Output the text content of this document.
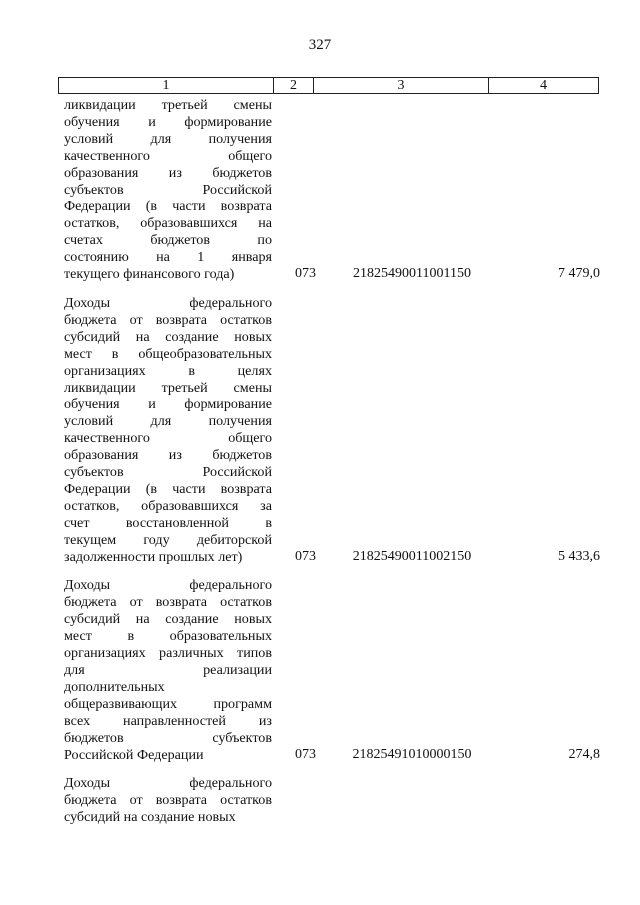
327
1	2	3	4
ликвидации третьей смены
обучения и формирование
условий для получения
качественного общего
образования из бюджетов
субъектов Российской
Федерации (в части возврата
остатков, образовавшихся на
счетах бюджетов по
состоянию на 1 января
текущего финансового года)	073	21825490011001150	7 479,0
Доходы федерального
бюджета от возврата остатков
субсидий на создание новых
мест в общеобразовательных
организациях в целях
ликвидации третьей смены
обучения и формирование
условий для получения
качественного общего
образования из бюджетов
субъектов Российской
Федерации (в части возврата
остатков, образовавшихся за
счет восстановленной в
текущем году дебиторской
задолженности прошлых лет)	073	21825490011002150	5 433,6
Доходы федерального
бюджета от возврата остатков
субсидий на создание новых
мест в образовательных
организациях различных типов
для реализации
дополнительных
общеразвивающих программ
всех направленностей из
бюджетов субъектов
Российской Федерации	073	21825491010000150	274,8
Доходы федерального
бюджета от возврата остатков
субсидий на создание новых
